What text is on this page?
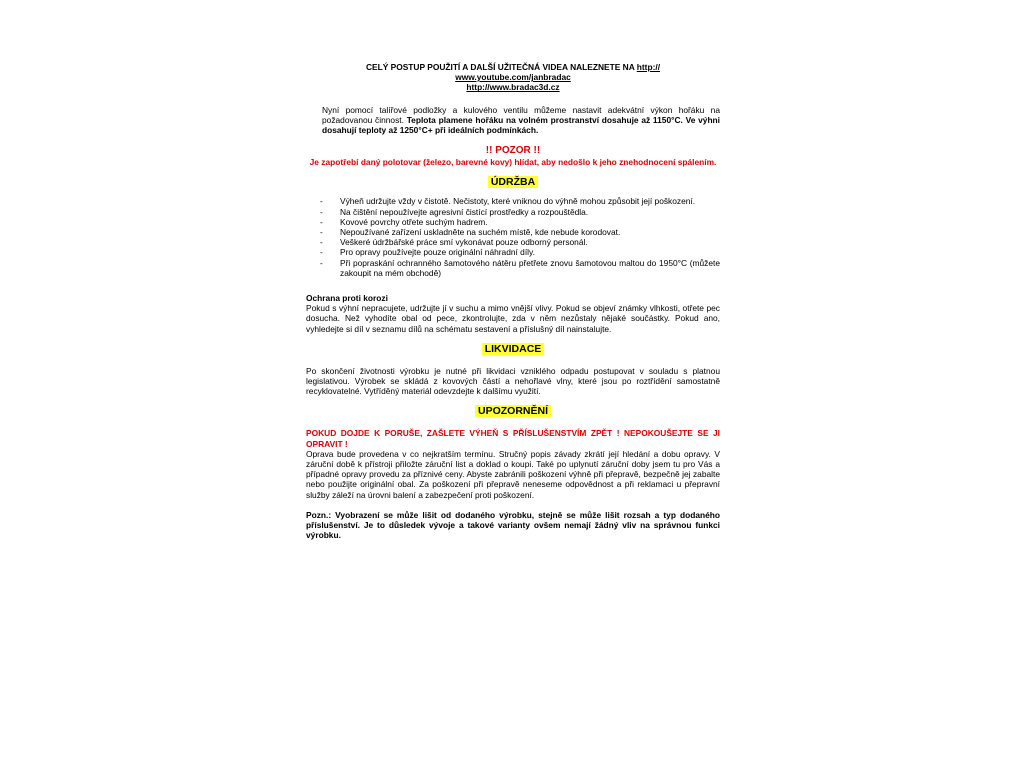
CELÝ POSTUP POUŽITÍ A DALŠÍ UŽITEČNÁ VIDEA NALEZNETE NA http://
www.youtube.com/janbradac
http://www.bradac3d.cz
Nyní pomocí talířové podložky a kulového ventilu můžeme nastavit adekvátní výkon hořáku na požadovanou činnost. Teplota plamene hořáku na volném prostranství dosahuje až 1150°C. Ve výhni dosahují teploty až 1250°C+ při ideálních podmínkách.
!! POZOR !!
Je zapotřebí daný polotovar (železo, barevné kovy) hlídat, aby nedošlo k jeho znehodnocení spálením.
ÚDRŽBA
- Výheň udržujte vždy v čistotě. Nečistoty, které vniknou do výhně mohou způsobit její poškození.
- Na čištění nepoužívejte agresivní čistící prostředky a rozpouštědla.
- Kovové povrchy otřete suchým hadrem.
- Nepoužívané zařízení uskladněte na suchém místě, kde nebude korodovat.
- Veškeré údržbářské práce smí vykonávat pouze odborný personál.
- Pro opravy používejte pouze originální náhradní díly.
- Při popraskání ochranného šamotového nátěru přetřete znovu šamotovou maltou do 1950°C (můžete zakoupit na mém obchodě)
Ochrana proti korozi
Pokud s výhní nepracujete, udržujte jí v suchu a mimo vnější vlivy. Pokud se objeví známky vlhkosti, otřete pec dosucha. Než vyhodíte obal od pece, zkontrolujte, zda v něm nezůstaly nějaké součástky. Pokud ano, vyhledejte si díl v seznamu dílů na schématu sestavení a příslušný díl nainstalujte.
LIKVIDACE
Po skončení životnosti výrobku je nutné při likvidaci vzniklého odpadu postupovat v souladu s platnou legislativou. Výrobek se skládá z kovových částí a nehořlavé vlny, které jsou po roztřídění samostatně recyklovatelné. Vytříděný materiál odevzdejte k dalšímu využití.
UPOZORNĚNÍ
POKUD DOJDE K PORUŠE, ZAŠLETE VÝHEŇ S PŘÍSLUŠENSTVÍM ZPĚT ! NEPOKOUŠEJTE SE JI OPRAVIT !
Oprava bude provedena v co nejkratším termínu. Stručný popis závady zkrátí její hledání a dobu opravy. V záruční době k přístroji přiložte záruční list a doklad o koupi. Také po uplynutí záruční doby jsem tu pro Vás a případné opravy provedu za příznivé ceny. Abyste zabránili poškození výhně při přepravě, bezpečně jej zabalte nebo použijte originální obal. Za poškození při přepravě neneseme odpovědnost a při reklamaci u přepravní služby záleží na úrovni balení a zabezpečení proti poškození.
Pozn.: Vyobrazení se může lišit od dodaného výrobku, stejně se může lišit rozsah a typ dodaného příslušenství. Je to důsledek vývoje a takové varianty ovšem nemají žádný vliv na správnou funkci výrobku.
